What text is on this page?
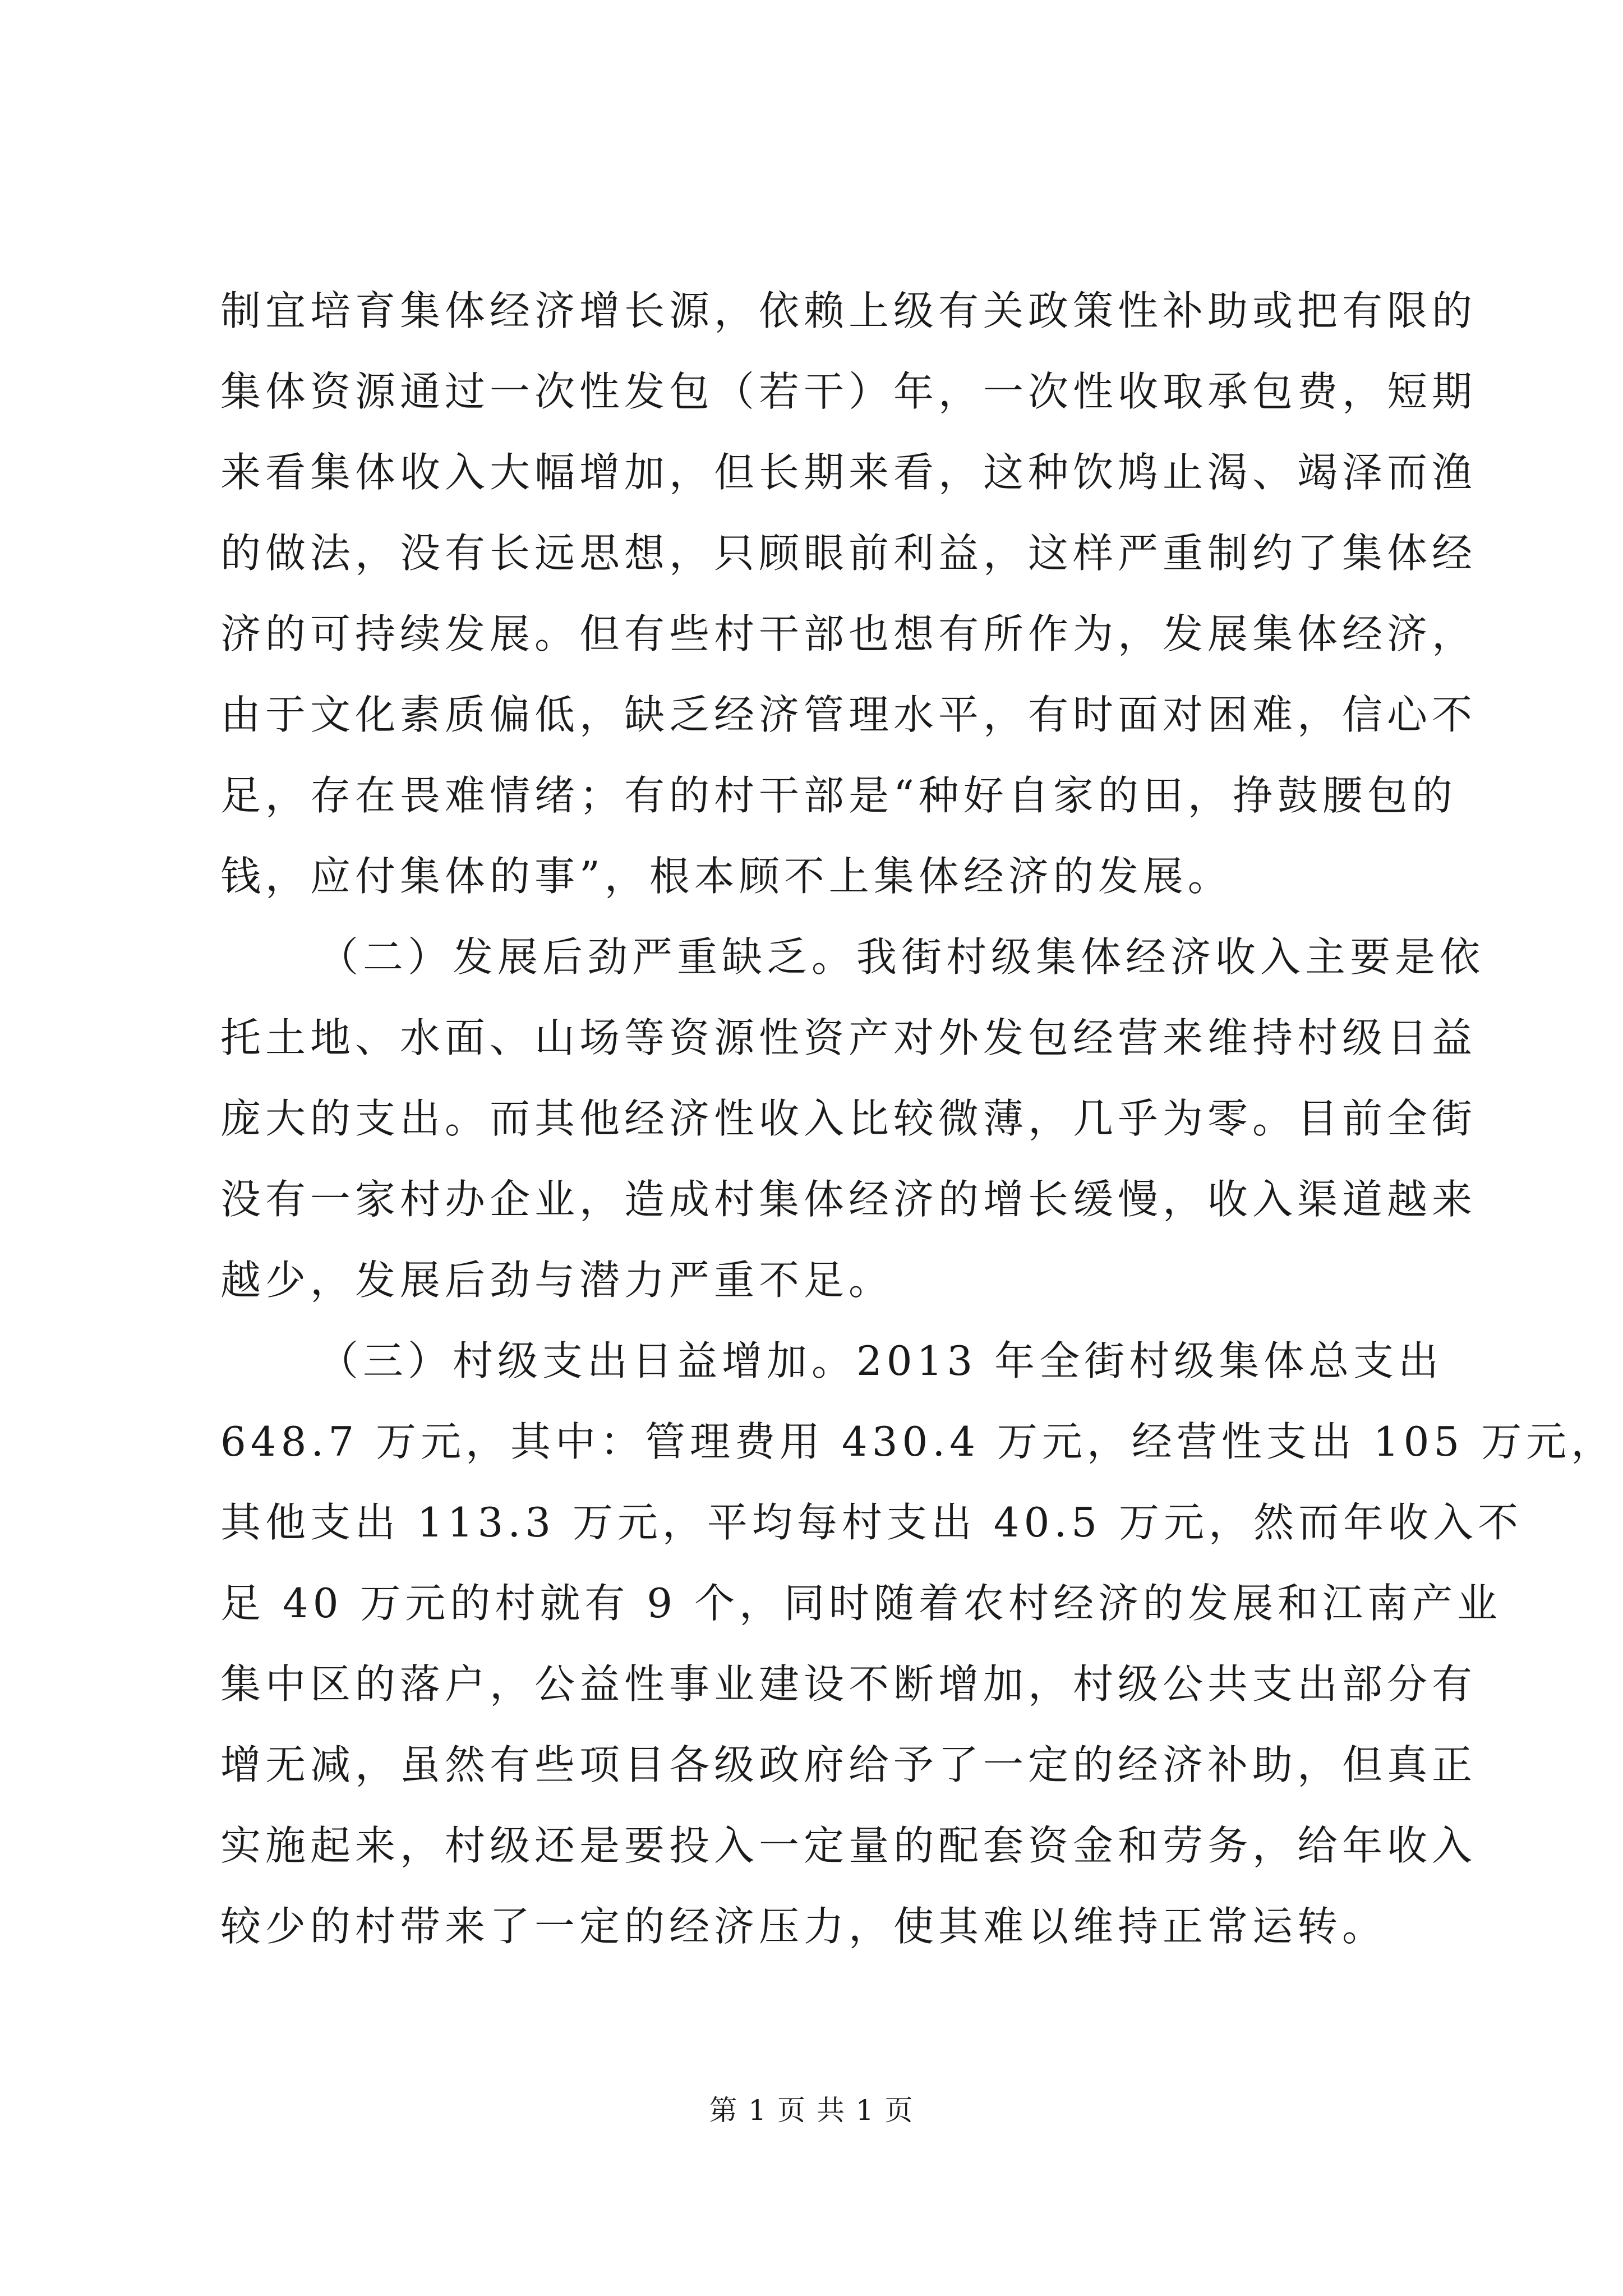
制宜培育集体经济增长源，依赖上级有关政策性补助或把有限的
集体资源通过一次性发包（若干）年，一次性收取承包费，短期
来看集体收入大幅增加，但长期来看，这种饮鸠止渴、竭泽而渔
的做法，没有长远思想，只顾眼前利益，这样严重制约了集体经
济的可持续发展。但有些村干部也想有所作为，发展集体经济，
由于文化素质偏低，缺乏经济管理水平，有时面对困难，信心不
足，存在畏难情绪；有的村干部是“种好自家的田，挣鼓腰包的
钱，应付集体的事”，根本顾不上集体经济的发展。
（二）发展后劲严重缺乏。我街村级集体经济收入主要是依
托土地、水面、山场等资源性资产对外发包经营来维持村级日益
庞大的支出。而其他经济性收入比较微薄，几乎为零。目前全街
没有一家村办企业，造成村集体经济的增长缓慢，收入渠道越来
越少，发展后劲与潜力严重不足。
（三）村级支出日益增加。2013 年全街村级集体总支出
648.7 万元，其中：管理费用 430.4 万元，经营性支出 105 万元，
其他支出 113.3 万元，平均每村支出 40.5 万元，然而年收入不
足 40 万元的村就有 9 个，同时随着农村经济的发展和江南产业
集中区的落户，公益性事业建设不断增加，村级公共支出部分有
增无减，虽然有些项目各级政府给予了一定的经济补助，但真正
实施起来，村级还是要投入一定量的配套资金和劳务，给年收入
较少的村带来了一定的经济压力，使其难以维持正常运转。
第 1 页 共 1 页
